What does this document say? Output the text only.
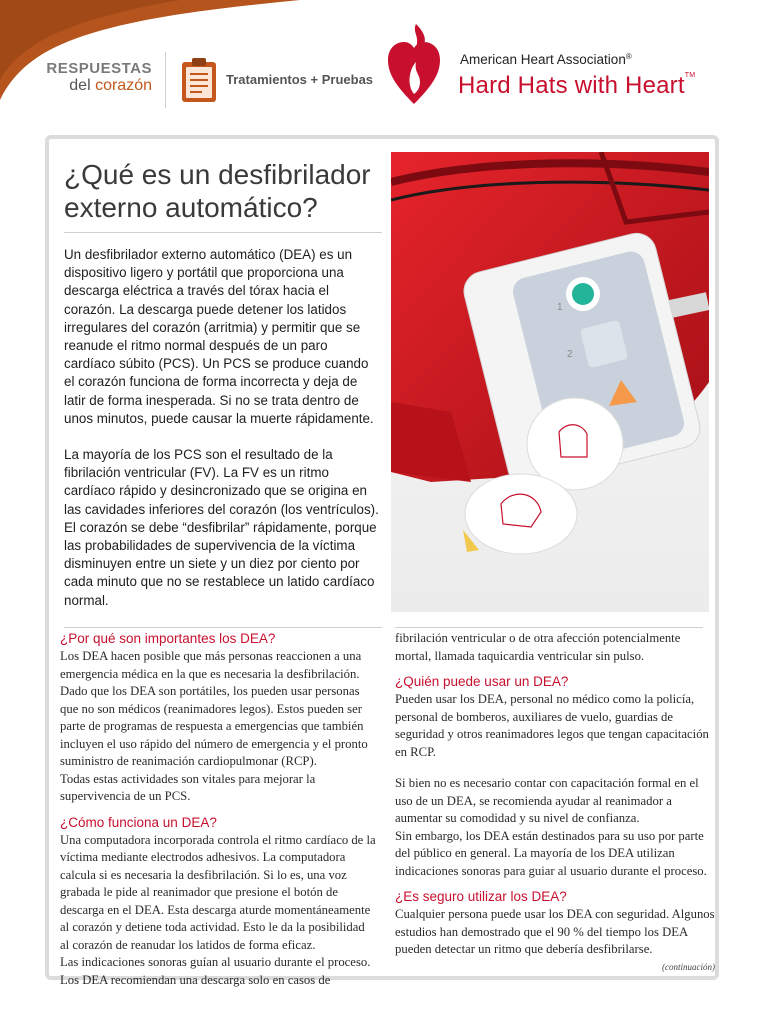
RESPUESTAS
del corazón	Tratamientos + Pruebas
American Heart Association®
Hard Hats with Heart™
¿Qué es un desfibrilador externo automático?

Un desfibrilador externo automático (DEA) es un dispositivo ligero y portátil que proporciona una descarga eléctrica a través del tórax hacia el corazón. La descarga puede detener los latidos irregulares del corazón (arritmia) y permitir que se reanude el ritmo normal después de un paro cardíaco súbito (PCS). Un PCS se produce cuando el corazón funciona de forma incorrecta y deja de latir de forma inesperada. Si no se trata dentro de unos minutos, puede causar la muerte rápidamente.

La mayoría de los PCS son el resultado de la fibrilación ventricular (FV). La FV es un ritmo cardíaco rápido y desincronizado que se origina en las cavidades inferiores del corazón (los ventrículos). El corazón se debe “desfibrilar” rápidamente, porque las probabilidades de supervivencia de la víctima disminuyen entre un siete y un diez por ciento por cada minuto que no se restablece un latido cardíaco normal.

1
2
¿Por qué son importantes los DEA?

Los DEA hacen posible que más personas reaccionen a una emergencia médica en la que es necesaria la desfibrilación. Dado que los DEA son portátiles, los pueden usar personas que no son médicos (reanimadores legos). Estos pueden ser parte de programas de respuesta a emergencias que también incluyen el uso rápido del número de emergencia y el pronto suministro de reanimación cardiopulmonar (RCP).

Todas estas actividades son vitales para mejorar la supervivencia de un PCS.

¿Cómo funciona un DEA?

Una computadora incorporada controla el ritmo cardíaco de la víctima mediante electrodos adhesivos. La computadora calcula si es necesaria la desfibrilación. Si lo es, una voz grabada le pide al reanimador que presione el botón de descarga en el DEA. Esta descarga aturde momentáneamente al corazón y detiene toda actividad. Esto le da la posibilidad al corazón de reanudar los latidos de forma eficaz.

Las indicaciones sonoras guían al usuario durante el proceso. Los DEA recomiendan una descarga solo en casos de

fibrilación ventricular o de otra afección potencialmente mortal, llamada taquicardia ventricular sin pulso.

¿Quién puede usar un DEA?

Pueden usar los DEA, personal no médico como la policía, personal de bomberos, auxiliares de vuelo, guardias de seguridad y otros reanimadores legos que tengan capacitación en RCP.

Si bien no es necesario contar con capacitación formal en el uso de un DEA, se recomienda ayudar al reanimador a aumentar su comodidad y su nivel de confianza.

Sin embargo, los DEA están destinados para su uso por parte del público en general. La mayoría de los DEA utilizan indicaciones sonoras para guiar al usuario durante el proceso.

¿Es seguro utilizar los DEA?

Cualquier persona puede usar los DEA con seguridad. Algunos estudios han demostrado que el 90 % del tiempo los DEA pueden detectar un ritmo que debería desfibrilarse.

(continuación)
